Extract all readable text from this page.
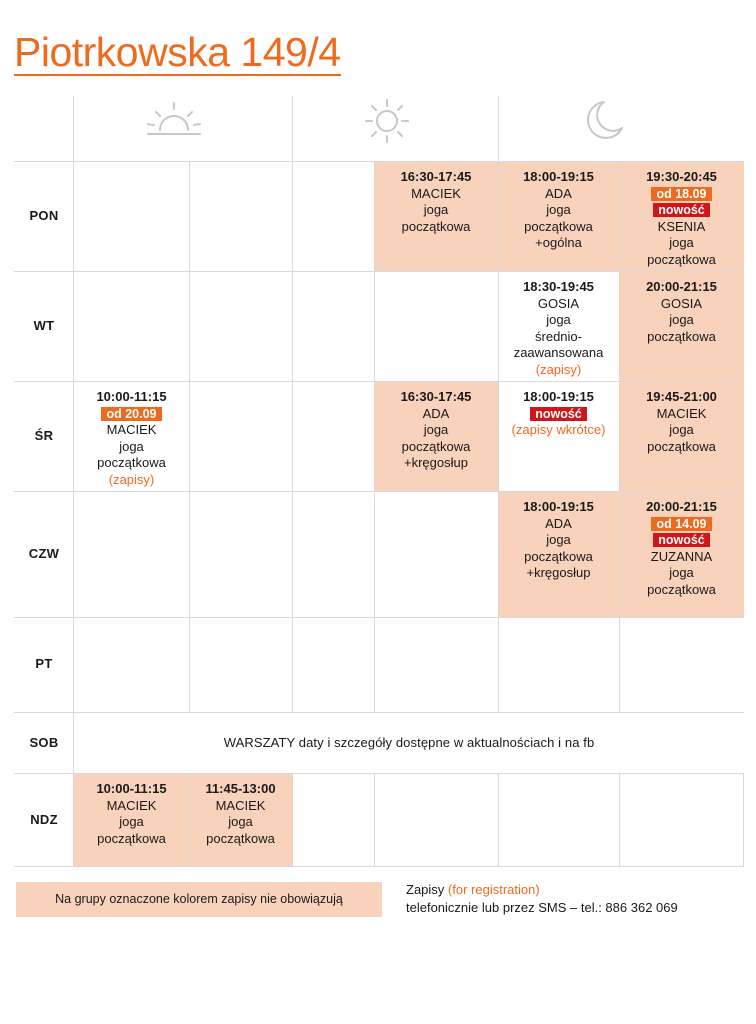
Piotrkowska 149/4
16:30-17:45
MACIEK
joga
początkowa
18:00-19:15
ADA
joga
początkowa
+ogólna
19:30-20:45
od 18.09
nowość
KSENIA
joga
początkowa
18:30-19:45
GOSIA
joga
średnio-
zaawansowana
(zapisy)
20:00-21:15
GOSIA
joga
początkowa
10:00-11:15
od 20.09
MACIEK
joga
początkowa
(zapisy)
16:30-17:45
ADA
joga
początkowa
+kręgosłup
18:00-19:15
nowość
(zapisy wkrótce)
19:45-21:00
MACIEK
joga
początkowa
18:00-19:15
ADA
joga
początkowa
+kręgosłup
20:00-21:15
od 14.09
nowość
ZUZANNA
joga
początkowa
10:00-11:15
MACIEK
joga
początkowa
11:45-13:00
MACIEK
joga
początkowa
PON
WT
ŚR
CZW
PT
SOB
NDZ
WARSZATY daty i szczegóły dostępne w aktualnościach i na fb
Na grupy oznaczone kolorem zapisy nie obowiązują
Zapisy (for registration)
telefonicznie lub przez SMS – tel.: 886 362 069
